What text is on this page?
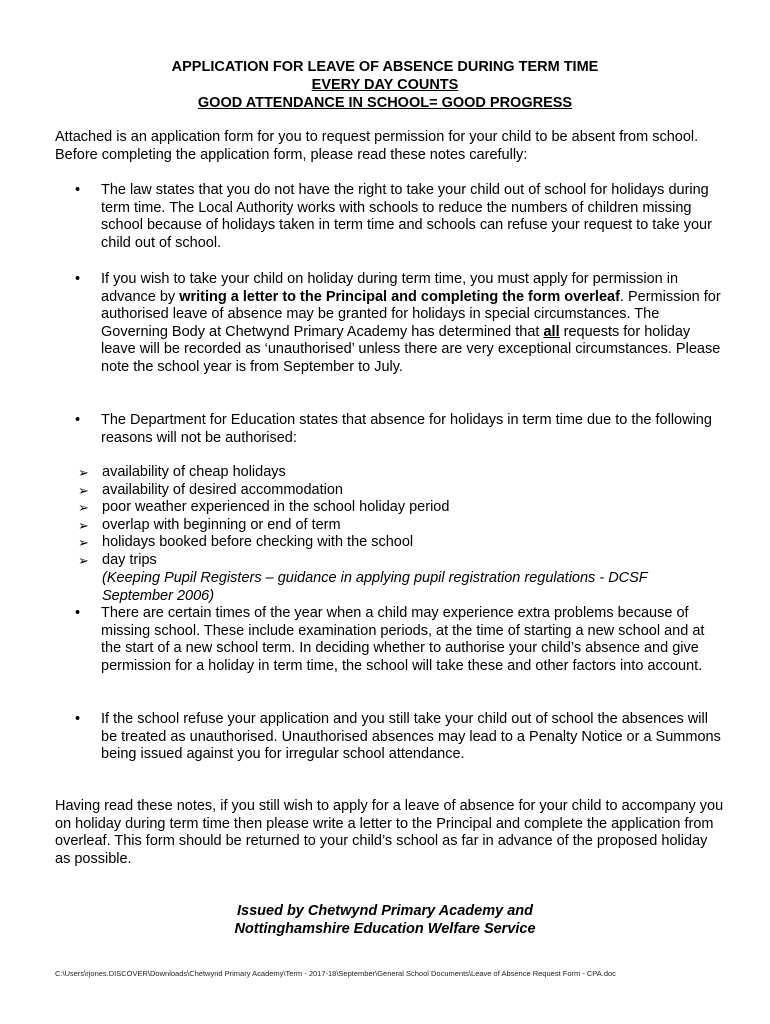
APPLICATION FOR LEAVE OF ABSENCE DURING TERM TIME
EVERY DAY COUNTS
GOOD ATTENDANCE IN SCHOOL= GOOD PROGRESS
Attached is an application form for you to request permission for your child to be absent from school. Before completing the application form, please read these notes carefully:
•	The law states that you do not have the right to take your child out of school for holidays during term time. The Local Authority works with schools to reduce the numbers of children missing school because of holidays taken in term time and schools can refuse your request to take your child out of school.
•	If you wish to take your child on holiday during term time, you must apply for permission in advance by writing a letter to the Principal and completing the form overleaf. Permission for authorised leave of absence may be granted for holidays in special circumstances. The Governing Body at Chetwynd Primary Academy has determined that all requests for holiday leave will be recorded as ‘unauthorised’ unless there are very exceptional circumstances. Please note the school year is from September to July.
•	The Department for Education states that absence for holidays in term time due to the following reasons will not be authorised:
➢ availability of cheap holidays
➢ availability of desired accommodation
➢ poor weather experienced in the school holiday period
➢ overlap with beginning or end of term
➢ holidays booked before checking with the school
➢ day trips
(Keeping Pupil Registers – guidance in applying pupil registration regulations - DCSF September 2006)
•	There are certain times of the year when a child may experience extra problems because of missing school. These include examination periods, at the time of starting a new school and at the start of a new school term. In deciding whether to authorise your child’s absence and give permission for a holiday in term time, the school will take these and other factors into account.
•	If the school refuse your application and you still take your child out of school the absences will be treated as unauthorised. Unauthorised absences may lead to a Penalty Notice or a Summons being issued against you for irregular school attendance.
Having read these notes, if you still wish to apply for a leave of absence for your child to accompany you on holiday during term time then please write a letter to the Principal and complete the application from overleaf. This form should be returned to your child’s school as far in advance of the proposed holiday as possible.
Issued by Chetwynd Primary Academy and
Nottinghamshire Education Welfare Service
C:\Users\rjones.DISCOVER\Downloads\Chetwynd Primary Academy\Term - 2017-18\September\General School Documents\Leave of Absence Request Form - CPA.doc
